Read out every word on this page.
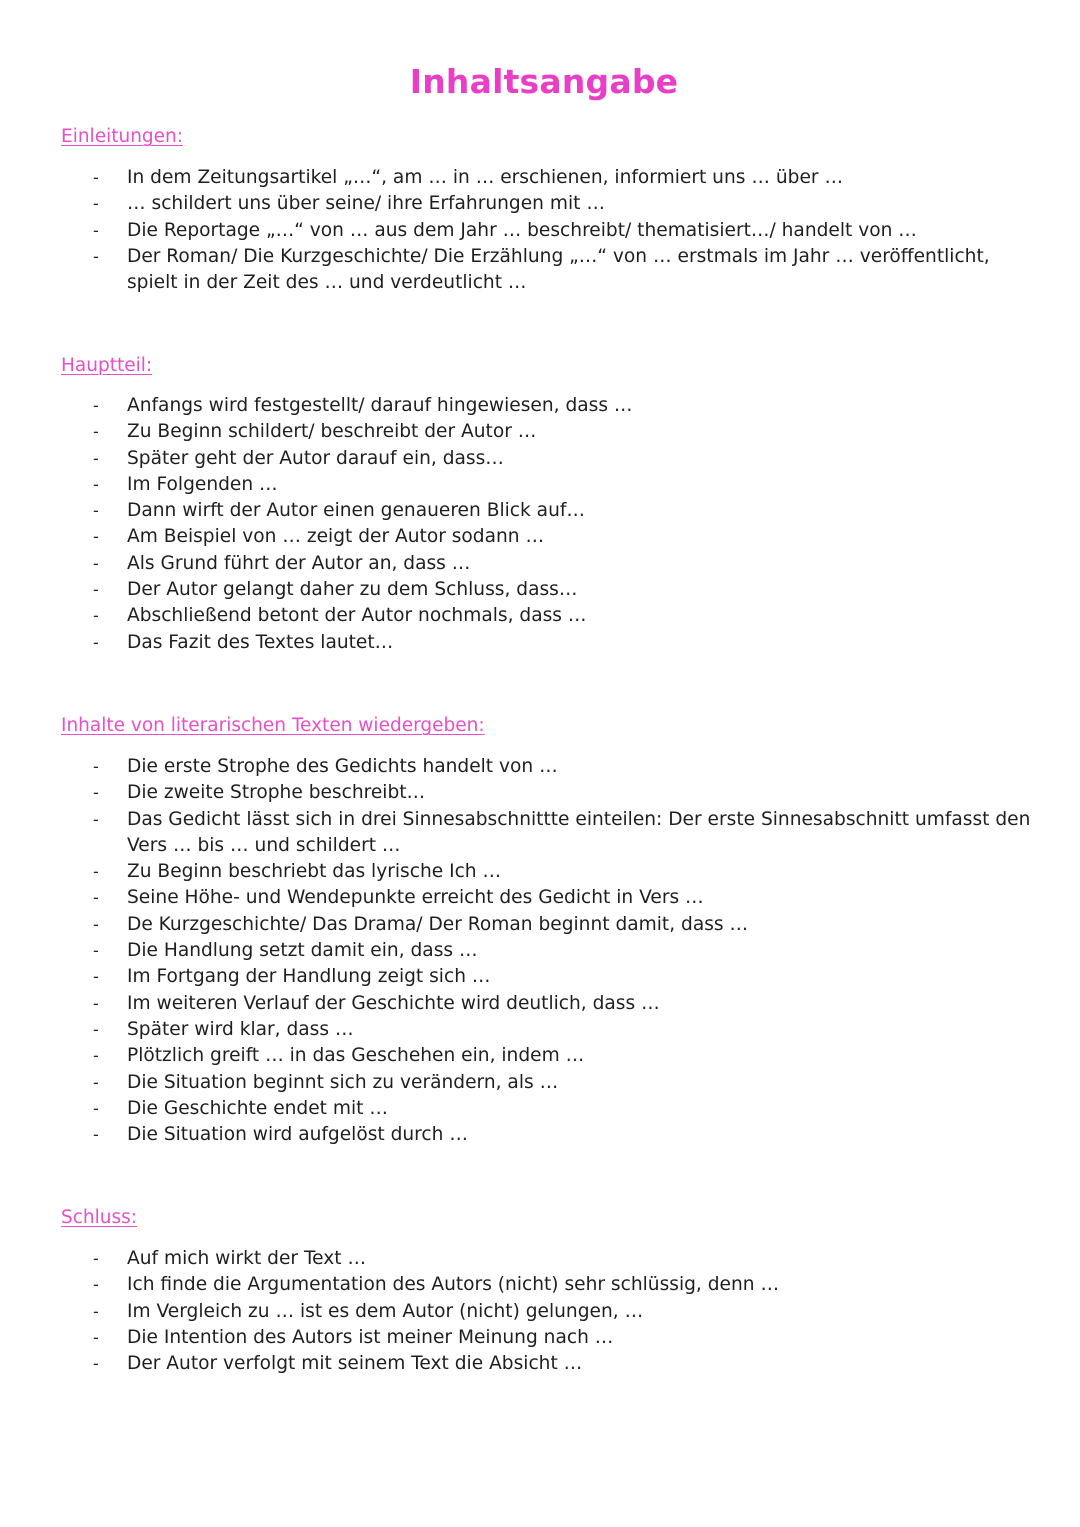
Inhaltsangabe
Einleitungen:
- In dem Zeitungsartikel „…“, am … in … erschienen, informiert uns … über …
- … schildert uns über seine/ ihre Erfahrungen mit …
- Die Reportage „…“ von … aus dem Jahr … beschreibt/ thematisiert…/ handelt von …
- Der Roman/ Die Kurzgeschichte/ Die Erzählung „…“ von … erstmals im Jahr … veröffentlicht, spielt in der Zeit des … und verdeutlicht …
Hauptteil:
- Anfangs wird festgestellt/ darauf hingewiesen, dass …
- Zu Beginn schildert/ beschreibt der Autor …
- Später geht der Autor darauf ein, dass…
- Im Folgenden …
- Dann wirft der Autor einen genaueren Blick auf…
- Am Beispiel von … zeigt der Autor sodann …
- Als Grund führt der Autor an, dass …
- Der Autor gelangt daher zu dem Schluss, dass…
- Abschließend betont der Autor nochmals, dass …
- Das Fazit des Textes lautet…
Inhalte von literarischen Texten wiedergeben:
- Die erste Strophe des Gedichts handelt von …
- Die zweite Strophe beschreibt…
- Das Gedicht lässt sich in drei Sinnesabschnittte einteilen: Der erste Sinnesabschnitt umfasst den Vers … bis … und schildert …
- Zu Beginn beschriebt das lyrische Ich …
- Seine Höhe- und Wendepunkte erreicht des Gedicht in Vers …
- De Kurzgeschichte/ Das Drama/ Der Roman beginnt damit, dass …
- Die Handlung setzt damit ein, dass …
- Im Fortgang der Handlung zeigt sich …
- Im weiteren Verlauf der Geschichte wird deutlich, dass …
- Später wird klar, dass …
- Plötzlich greift … in das Geschehen ein, indem …
- Die Situation beginnt sich zu verändern, als …
- Die Geschichte endet mit …
- Die Situation wird aufgelöst durch …
Schluss:
- Auf mich wirkt der Text …
- Ich finde die Argumentation des Autors (nicht) sehr schlüssig, denn …
- Im Vergleich zu … ist es dem Autor (nicht) gelungen, …
- Die Intention des Autors ist meiner Meinung nach …
- Der Autor verfolgt mit seinem Text die Absicht …
